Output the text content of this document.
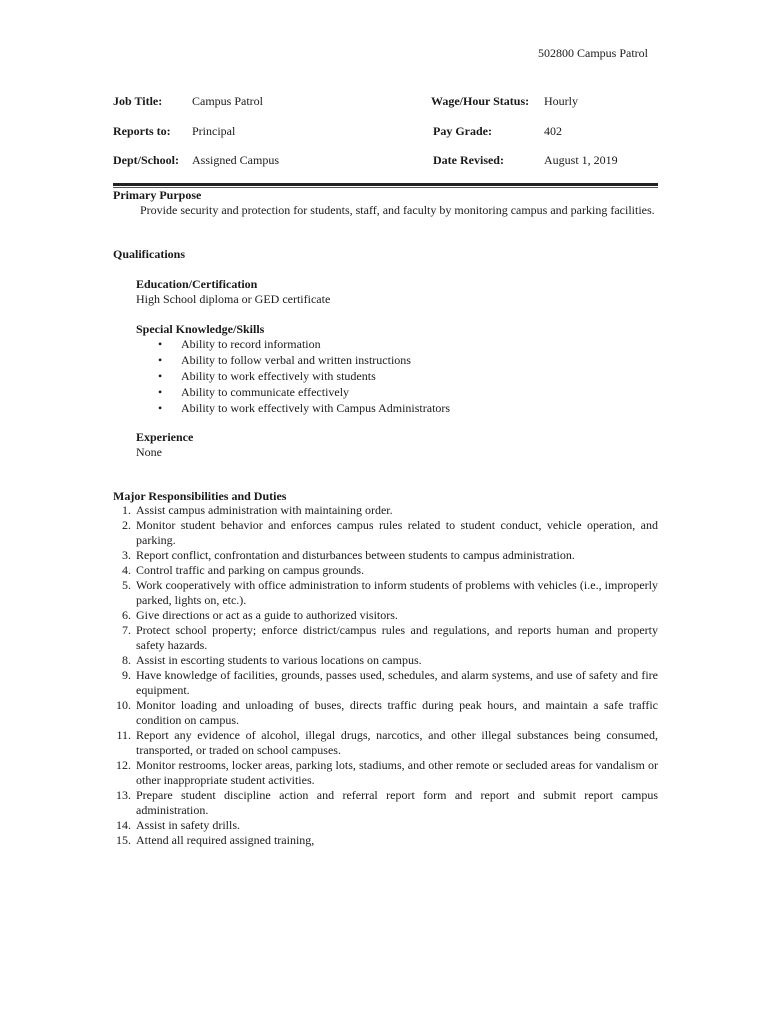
502800 Campus Patrol
Job Title: Campus Patrol
Reports to: Principal
Dept/School: Assigned Campus
Wage/Hour Status: Hourly
Pay Grade:	402
Date Revised:	August 1, 2019
Primary Purpose
Provide security and protection for students, staff, and faculty by monitoring campus and parking facilities.
Qualifications
Education/Certification
High School diploma or GED certificate
Special Knowledge/Skills
• Ability to record information
• Ability to follow verbal and written instructions
• Ability to work effectively with students
• Ability to communicate effectively
• Ability to work effectively with Campus Administrators
Experience
None
Major Responsibilities and Duties
1. Assist campus administration with maintaining order.
2. Monitor student behavior and enforces campus rules related to student conduct, vehicle operation, and parking.
3. Report conflict, confrontation and disturbances between students to campus administration.
4. Control traffic and parking on campus grounds.
5. Work cooperatively with office administration to inform students of problems with vehicles (i.e., improperly parked, lights on, etc.).
6. Give directions or act as a guide to authorized visitors.
7. Protect school property; enforce district/campus rules and regulations, and reports human and property safety hazards.
8. Assist in escorting students to various locations on campus.
9. Have knowledge of facilities, grounds, passes used, schedules, and alarm systems, and use of safety and fire equipment.
10. Monitor loading and unloading of buses, directs traffic during peak hours, and maintain a safe traffic condition on campus.
11. Report any evidence of alcohol, illegal drugs, narcotics, and other illegal substances being consumed, transported, or traded on school campuses.
12. Monitor restrooms, locker areas, parking lots, stadiums, and other remote or secluded areas for vandalism or other inappropriate student activities.
13. Prepare student discipline action and referral report form and report and submit report campus administration.
14. Assist in safety drills.
15. Attend all required assigned training,
